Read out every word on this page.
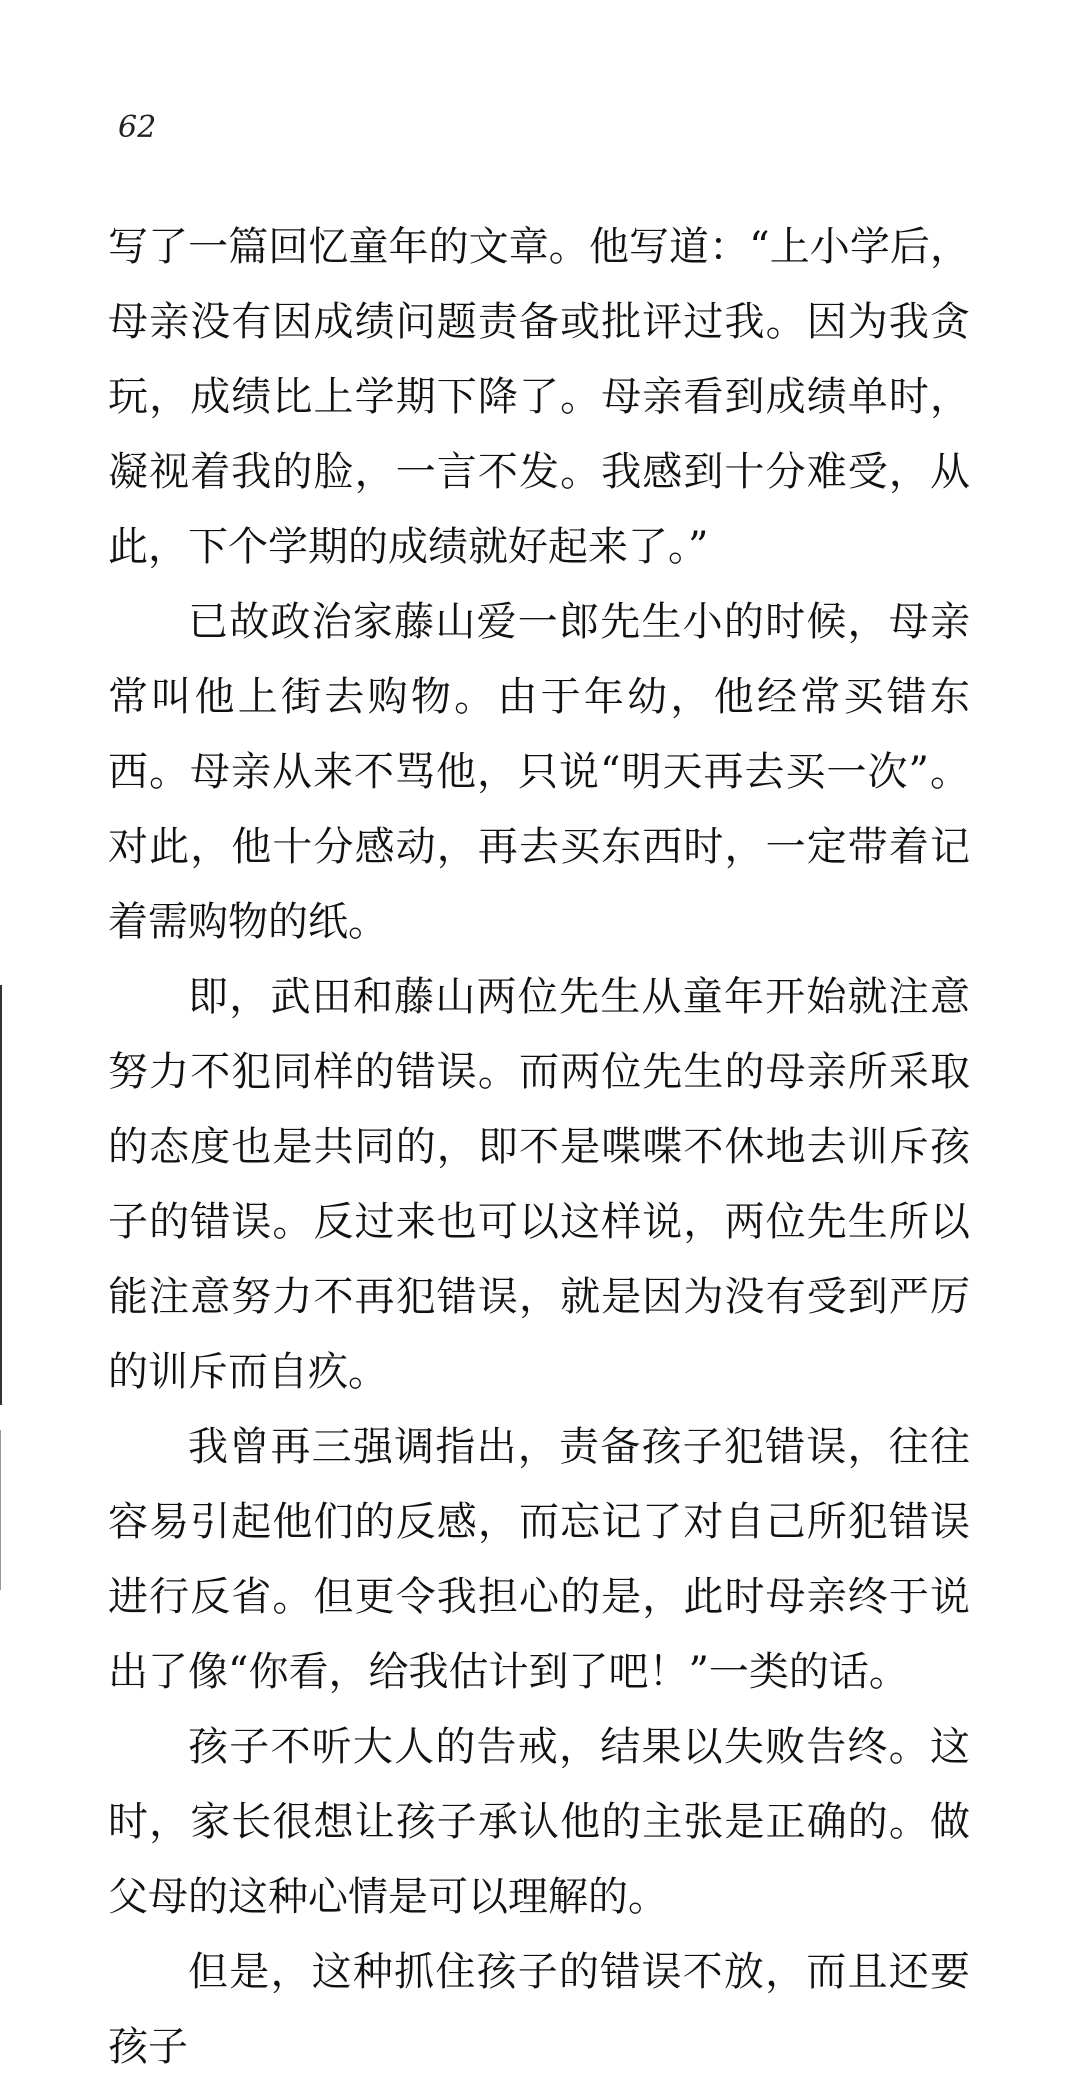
62

写了一篇回忆童年的文章。他写道：“上小学后，母亲没有因成绩问题责备或批评过我。因为我贪玩，成绩比上学期下降了。母亲看到成绩单时，凝视着我的脸，一言不发。我感到十分难受，从此，下个学期的成绩就好起来了。”

已故政治家藤山爱一郎先生小的时候，母亲常叫他上街去购物。由于年幼，他经常买错东西。母亲从来不骂他，只说“明天再去买一次”。对此，他十分感动，再去买东西时，一定带着记着需购物的纸。

即，武田和藤山两位先生从童年开始就注意努力不犯同样的错误。而两位先生的母亲所采取的态度也是共同的，即不是喋喋不休地去训斥孩子的错误。反过来也可以这样说，两位先生所以能注意努力不再犯错误，就是因为没有受到严厉的训斥而自疚。

我曾再三强调指出，责备孩子犯错误，往往容易引起他们的反感，而忘记了对自己所犯错误进行反省。但更令我担心的是，此时母亲终于说出了像“你看，给我估计到了吧！”一类的话。

孩子不听大人的告戒，结果以失败告终。这时，家长很想让孩子承认他的主张是正确的。做父母的这种心情是可以理解的。

但是，这种抓住孩子的错误不放，而且还要孩子
